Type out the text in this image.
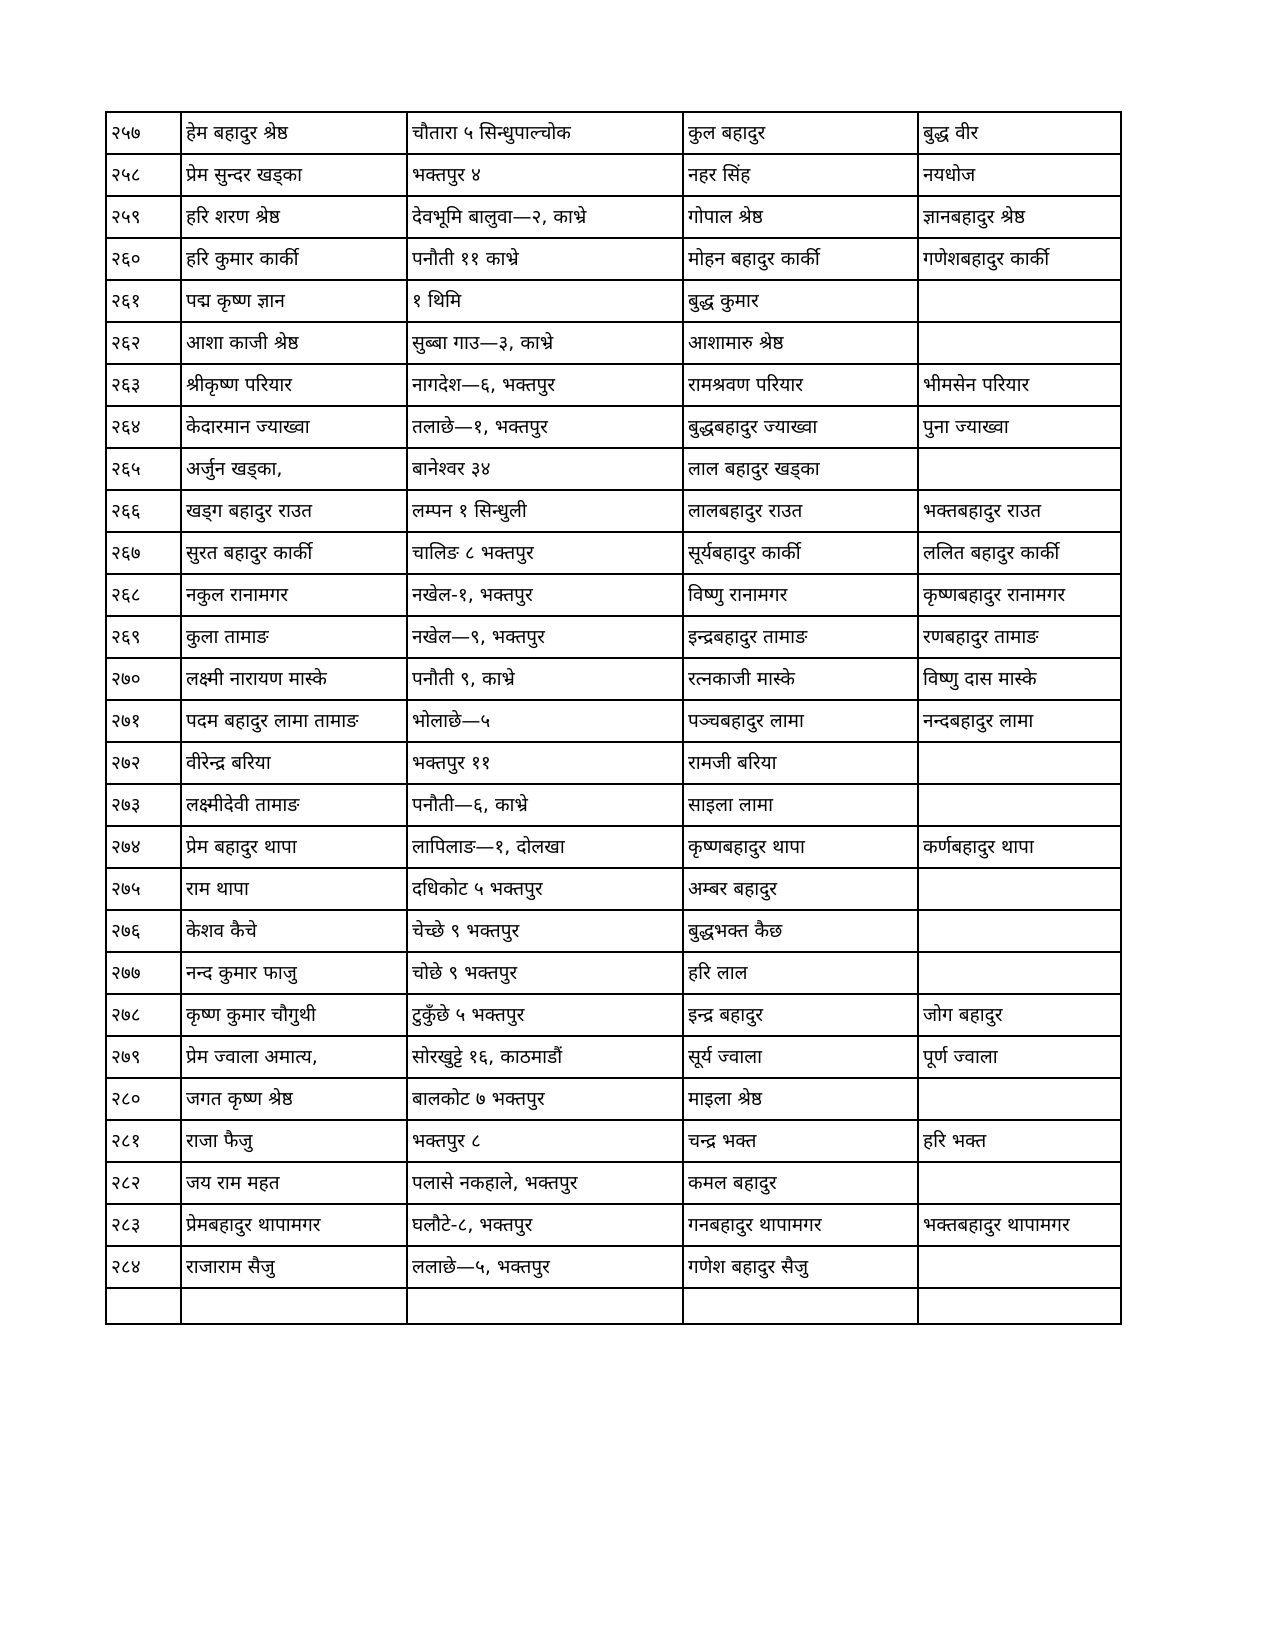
२५७	हेम बहादुर श्रेष्ठ	चौतारा ५ सिन्धुपाल्चोक	कुल बहादुर	बुद्ध वीर
२५८	प्रेम सुन्दर खड्का	भक्तपुर ४	नहर सिंह	नयधोज
२५९	हरि शरण श्रेष्ठ	देवभूमि बालुवा—२, काभ्रे	गोपाल श्रेष्ठ	ज्ञानबहादुर श्रेष्ठ
२६०	हरि कुमार कार्की	पनौती ११ काभ्रे	मोहन बहादुर कार्की	गणेशबहादुर कार्की
२६१	पद्म कृष्ण ज्ञान	१ थिमि	बुद्ध कुमार	
२६२	आशा काजी श्रेष्ठ	सुब्बा गाउ—३, काभ्रे	आशामारु श्रेष्ठ	
२६३	श्रीकृष्ण परियार	नागदेश—६, भक्तपुर	रामश्रवण परियार	भीमसेन परियार
२६४	केदारमान ज्याख्वा	तलाछे—१, भक्तपुर	बुद्धबहादुर ज्याख्वा	पुना ज्याख्वा
२६५	अर्जुन खड्का,	बानेश्वर ३४	लाल बहादुर खड्का	
२६६	खड्ग बहादुर राउत	लम्पन १ सिन्धुली	लालबहादुर राउत	भक्तबहादुर राउत
२६७	सुरत बहादुर कार्की	चालिङ ८ भक्तपुर	सूर्यबहादुर कार्की	ललित बहादुर कार्की
२६८	नकुल रानामगर	नखेल-१, भक्तपुर	विष्णु रानामगर	कृष्णबहादुर रानामगर
२६९	कुला तामाङ	नखेल—९, भक्तपुर	इन्द्रबहादुर तामाङ	रणबहादुर तामाङ
२७०	लक्ष्मी नारायण मास्के	पनौती ९, काभ्रे	रत्नकाजी मास्के	विष्णु दास मास्के
२७१	पदम बहादुर लामा तामाङ	भोलाछे—५	पञ्चबहादुर लामा	नन्दबहादुर लामा
२७२	वीरेन्द्र बरिया	भक्तपुर ११	रामजी बरिया	
२७३	लक्ष्मीदेवी तामाङ	पनौती—६, काभ्रे	साइला लामा	
२७४	प्रेम बहादुर थापा	लापिलाङ—१, दोलखा	कृष्णबहादुर थापा	कर्णबहादुर थापा
२७५	राम थापा	दधिकोट ५ भक्तपुर	अम्बर बहादुर	
२७६	केशव कैचे	चेच्छे ९ भक्तपुर	बुद्धभक्त कैछ	
२७७	नन्द कुमार फाजु	चोछे ९ भक्तपुर	हरि लाल	
२७८	कृष्ण कुमार चौगुथी	टुकुँछे ५ भक्तपुर	इन्द्र बहादुर	जोग बहादुर
२७९	प्रेम ज्वाला अमात्य,	सोरखुट्टे १६, काठमाडौं	सूर्य ज्वाला	पूर्ण ज्वाला
२८०	जगत कृष्ण श्रेष्ठ	बालकोट ७ भक्तपुर	माइला श्रेष्ठ	
२८१	राजा फैजु	भक्तपुर ८	चन्द्र भक्त	हरि भक्त
२८२	जय राम महत	पलासे नकहाले, भक्तपुर	कमल बहादुर	
२८३	प्रेमबहादुर थापामगर	घलौटे-८, भक्तपुर	गनबहादुर थापामगर	भक्तबहादुर थापामगर
२८४	राजाराम सैजु	ललाछे—५, भक्तपुर	गणेश बहादुर सैजु	
